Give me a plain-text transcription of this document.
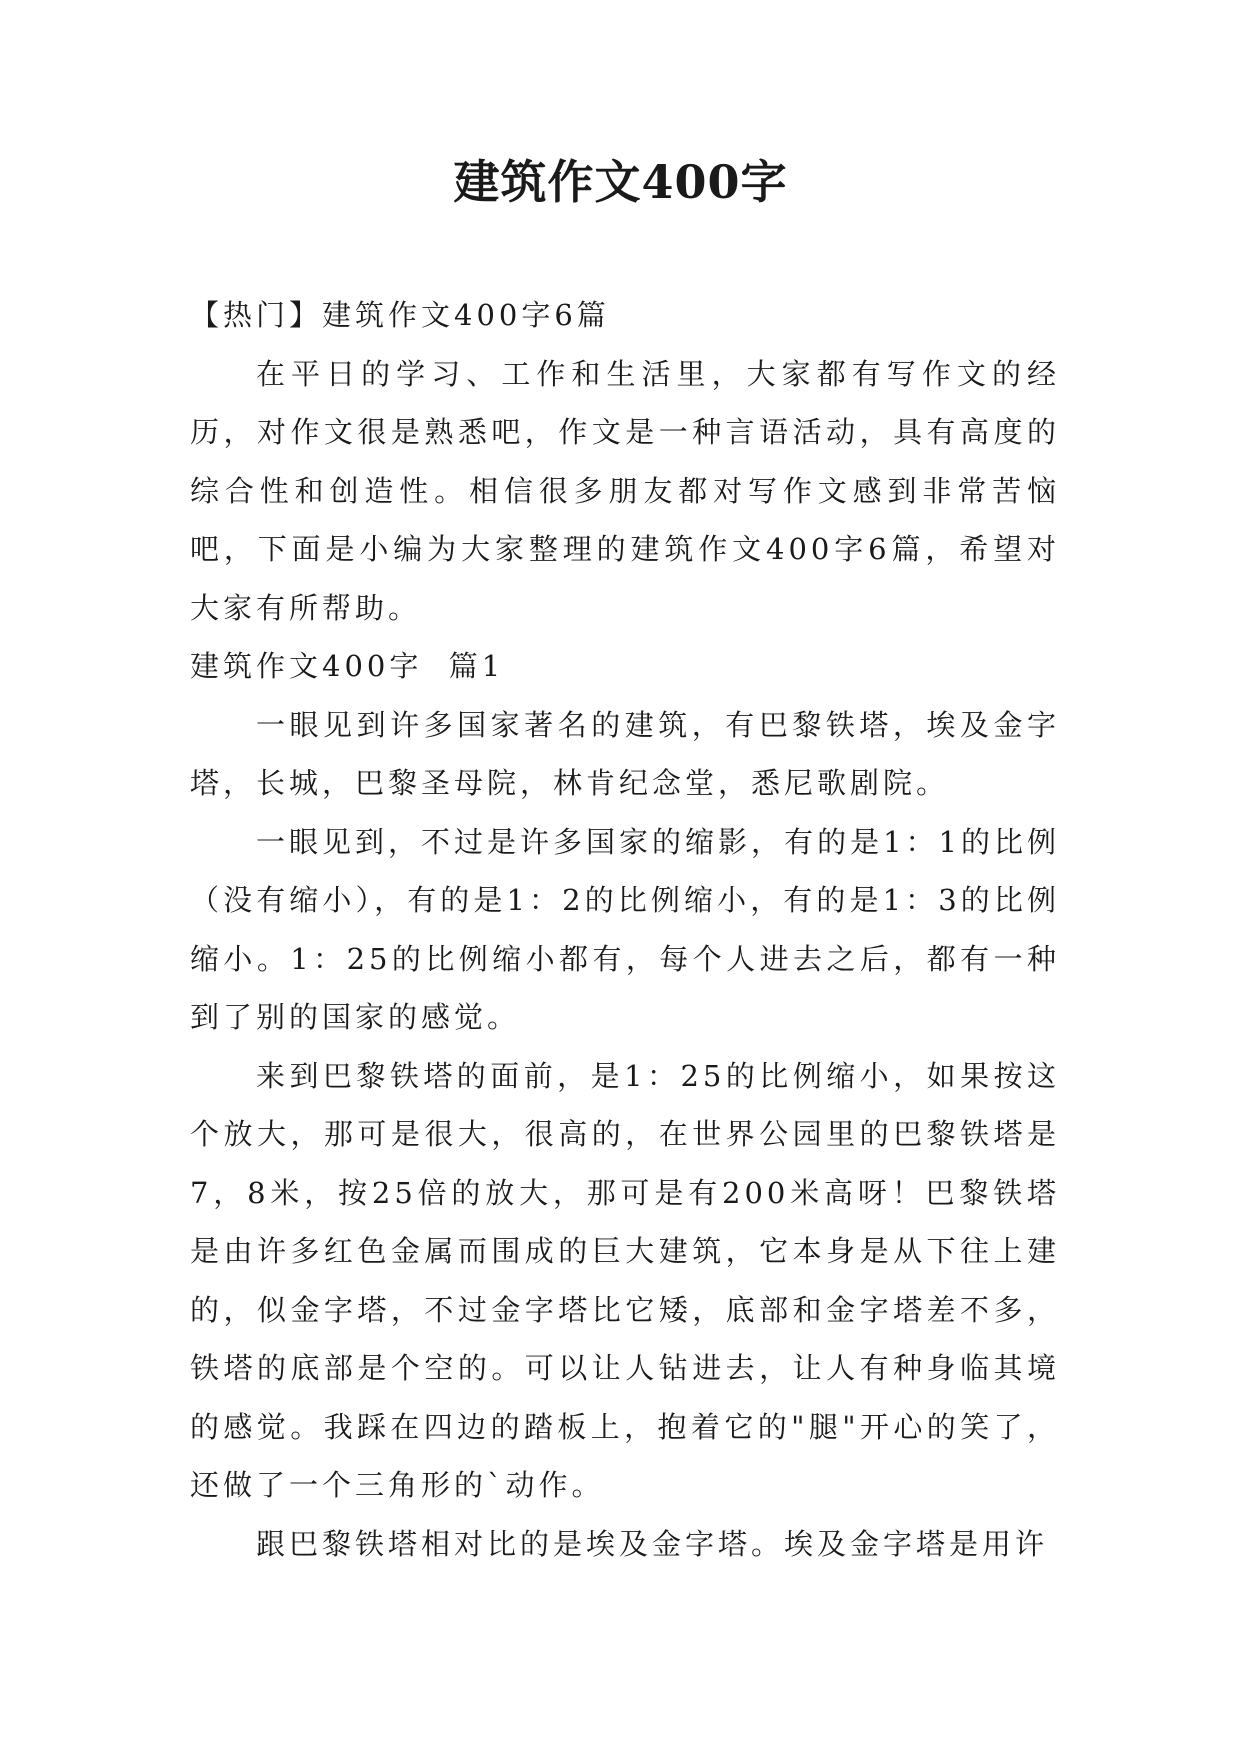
建筑作文400字

【热门】建筑作文400字6篇

在平日的学习、工作和生活里，大家都有写作文的经历，对作文很是熟悉吧，作文是一种言语活动，具有高度的综合性和创造性。相信很多朋友都对写作文感到非常苦恼吧，下面是小编为大家整理的建筑作文400字6篇，希望对大家有所帮助。

建筑作文400字  篇1

一眼见到许多国家著名的建筑，有巴黎铁塔，埃及金字塔，长城，巴黎圣母院，林肯纪念堂，悉尼歌剧院。

一眼见到，不过是许多国家的缩影，有的是1：1的比例（没有缩小），有的是1：2的比例缩小，有的是1：3的比例缩小。1：25的比例缩小都有，每个人进去之后，都有一种到了别的国家的感觉。

来到巴黎铁塔的面前，是1：25的比例缩小，如果按这个放大，那可是很大，很高的，在世界公园里的巴黎铁塔是7，8米，按25倍的放大，那可是有200米高呀！巴黎铁塔是由许多红色金属而围成的巨大建筑，它本身是从下往上建的，似金字塔，不过金字塔比它矮，底部和金字塔差不多，铁塔的底部是个空的。可以让人钻进去，让人有种身临其境的感觉。我踩在四边的踏板上，抱着它的"腿"开心的笑了，还做了一个三角形的`动作。

跟巴黎铁塔相对比的是埃及金字塔。埃及金字塔是用许
